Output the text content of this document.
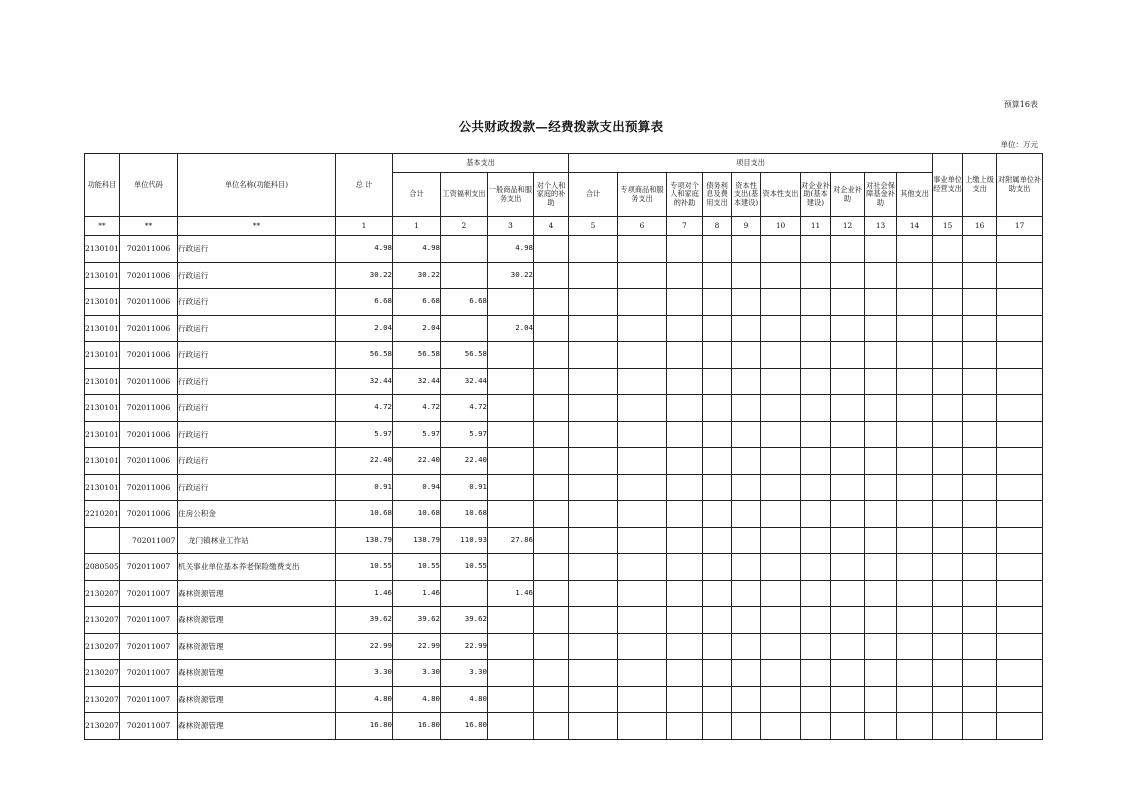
预算16表
公共财政拨款—经费拨款支出预算表
单位：万元
功能科目	单位代码	单位名称(功能科目)	总 计	基本支出				项目支出										事业单位经营支出	上缴上级支出	对附属单位补助支出
				合计	工资福利支出	一般商品和服务支出	对个人和家庭的补助	合计	专项商品和服务支出	专项对个人和家庭的补助	债务利息及费用支出	资本性支出(基本建设)	资本性支出	对企业补助(基本建设)	对企业补助	对社会保障基金补助	其他支出			
**	**	**	1	1	2	3	4	5	6	7	8	9	10	11	12	13	14	15	16	17
2130101	702011006	行政运行	4.98	4.98		4.98														
2130101	702011006	行政运行	30.22	30.22		30.22														
2130101	702011006	行政运行	6.68	6.68	6.68															
2130101	702011006	行政运行	2.04	2.04		2.04														
2130101	702011006	行政运行	56.58	56.58	56.58															
2130101	702011006	行政运行	32.44	32.44	32.44															
2130101	702011006	行政运行	4.72	4.72	4.72															
2130101	702011006	行政运行	5.97	5.97	5.97															
2130101	702011006	行政运行	22.40	22.40	22.40															
2130101	702011006	行政运行	0.91	0.94	0.91															
2210201	702011006	住房公积金	10.68	10.68	10.68															
	702011007	龙门镇林业工作站	138.79	138.79	110.93	27.86														
2080505	702011007	机关事业单位基本养老保险缴费支出	10.55	10.55	10.55															
2130207	702011007	森林资源管理	1.46	1.46		1.46														
2130207	702011007	森林资源管理	39.62	39.62	39.62															
2130207	702011007	森林资源管理	22.99	22.99	22.99															
2130207	702011007	森林资源管理	3.30	3.30	3.30															
2130207	702011007	森林资源管理	4.80	4.80	4.80															
2130207	702011007	森林资源管理	16.80	16.80	16.80															
